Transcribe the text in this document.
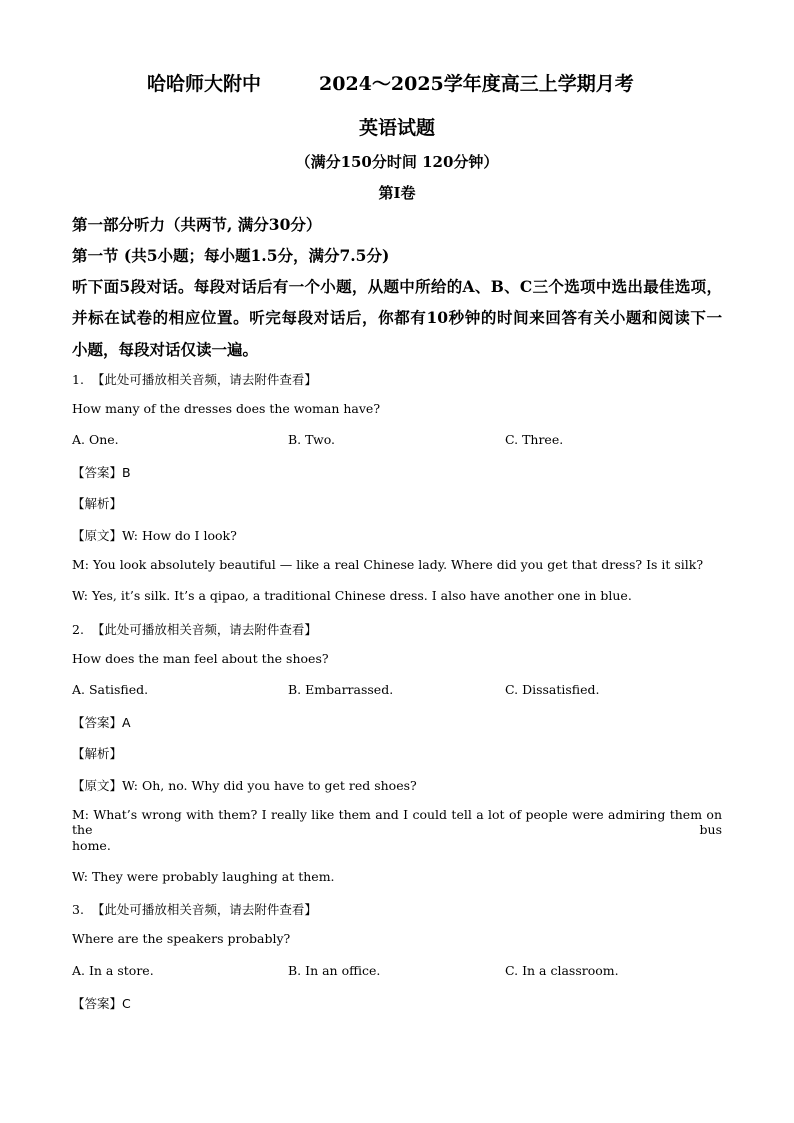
哈哈师大附中	2024～2025学年度高三上学期月考
英语试题
（满分150分时间 120分钟）
第I卷
第一部分听力（共两节, 满分30分）
第一节 (共5小题；每小题1.5分，满分7.5分)
听下面5段对话。每段对话后有一个小题，从题中所给的A、B、C三个选项中选出最佳选项，
并标在试卷的相应位置。听完每段对话后，你都有10秒钟的时间来回答有关小题和阅读下一
小题，每段对话仅读一遍。
1. 【此处可播放相关音频，请去附件查看】
How many of the dresses does the woman have?
A. One.	B. Two.	C. Three.
【答案】B
【解析】
【原文】W: How do I look?
M: You look absolutely beautiful — like a real Chinese lady. Where did you get that dress? Is it silk?
W: Yes, it’s silk. It’s a qipao, a traditional Chinese dress. I also have another one in blue.
2. 【此处可播放相关音频，请去附件查看】
How does the man feel about the shoes?
A. Satisfied.	B. Embarrassed.	C. Dissatisfied.
【答案】A
【解析】
【原文】W: Oh, no. Why did you have to get red shoes?
M: What’s wrong with them? I really like them and I could tell a lot of people were admiring them on the bus
home.
W: They were probably laughing at them.
3. 【此处可播放相关音频，请去附件查看】
Where are the speakers probably?
A. In a store.	B. In an office.	C. In a classroom.
【答案】C
